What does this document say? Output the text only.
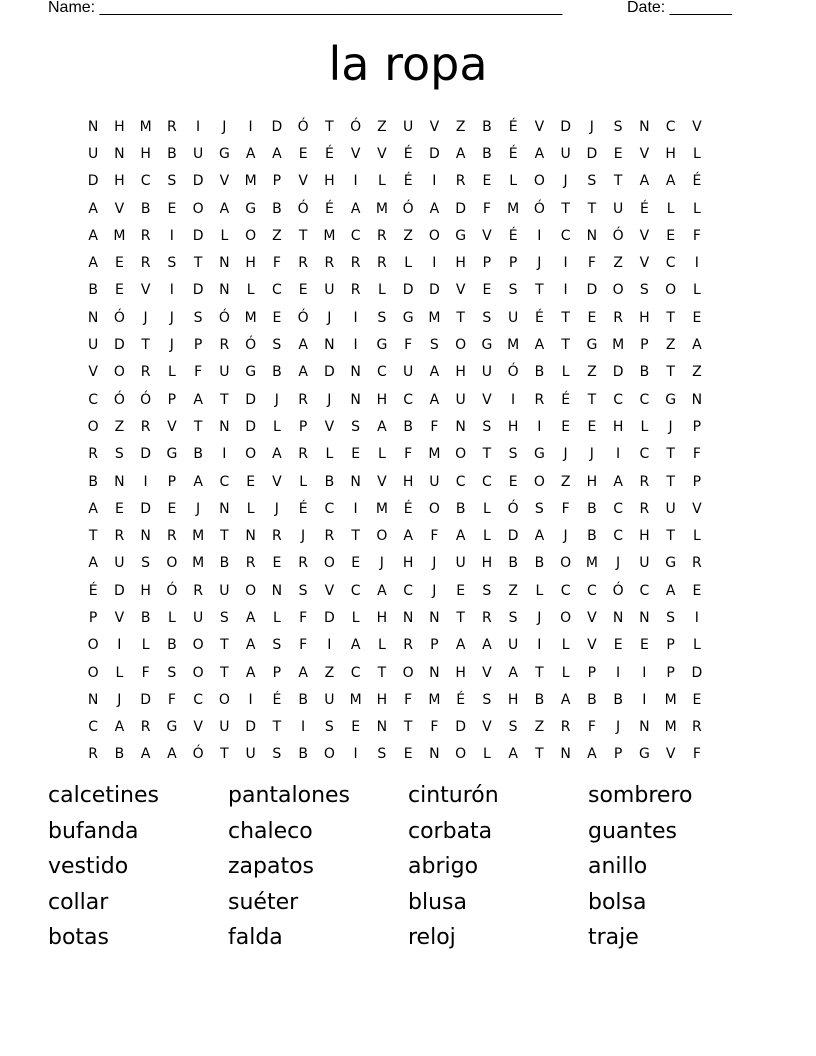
Name: ____________________________________________________	Date: _______
la ropa
N	H	M	R	I	J	I	D	Ó	T	Ó	Z	U	V	Z	B	É	V	D	J	S	N	C	V
U	N	H	B	U	G	A	A	E	É	V	V	É	D	A	B	É	A	U	D	E	V	H	L
D	H	C	S	D	V	M	P	V	H	I	L	É	I	R	E	L	O	J	S	T	A	A	É
A	V	B	E	O	A	G	B	Ó	É	A	M	Ó	A	D	F	M	Ó	T	T	U	É	L	L
A	M	R	I	D	L	O	Z	T	M	C	R	Z	O	G	V	É	I	C	N	Ó	V	E	F
A	E	R	S	T	N	H	F	R	R	R	R	L	I	H	P	P	J	I	F	Z	V	C	I
B	E	V	I	D	N	L	C	E	U	R	L	D	D	V	E	S	T	I	D	O	S	O	L
N	Ó	J	J	S	Ó	M	E	Ó	J	I	S	G	M	T	S	U	É	T	E	R	H	T	E
U	D	T	J	P	R	Ó	S	A	N	I	G	F	S	O	G	M	A	T	G	M	P	Z	A
V	O	R	L	F	U	G	B	A	D	N	C	U	A	H	U	Ó	B	L	Z	D	B	T	Z
C	Ó	Ó	P	A	T	D	J	R	J	N	H	C	A	U	V	I	R	É	T	C	C	G	N
O	Z	R	V	T	N	D	L	P	V	S	A	B	F	N	S	H	I	E	E	H	L	J	P
R	S	D	G	B	I	O	A	R	L	E	L	F	M	O	T	S	G	J	J	I	C	T	F
B	N	I	P	A	C	E	V	L	B	N	V	H	U	C	C	E	O	Z	H	A	R	T	P
A	E	D	E	J	N	L	J	É	C	I	M	É	O	B	L	Ó	S	F	B	C	R	U	V
T	R	N	R	M	T	N	R	J	R	T	O	A	F	A	L	D	A	J	B	C	H	T	L
A	U	S	O	M	B	R	E	R	O	E	J	H	J	U	H	B	B	O	M	J	U	G	R
É	D	H	Ó	R	U	O	N	S	V	C	A	C	J	E	S	Z	L	C	C	Ó	C	A	E
P	V	B	L	U	S	A	L	F	D	L	H	N	N	T	R	S	J	O	V	N	N	S	I
O	I	L	B	O	T	A	S	F	I	A	L	R	P	A	A	U	I	L	V	E	E	P	L
O	L	F	S	O	T	A	P	A	Z	C	T	O	N	H	V	A	T	L	P	I	I	P	D
N	J	D	F	C	O	I	É	B	U	M	H	F	M	É	S	H	B	A	B	B	I	M	E
C	A	R	G	V	U	D	T	I	S	E	N	T	F	D	V	S	Z	R	F	J	N	M	R
R	B	A	A	Ó	T	U	S	B	O	I	S	E	N	O	L	A	T	N	A	P	G	V	F
calcetines	pantalones	cinturón	sombrero
bufanda	chaleco	corbata	guantes
vestido	zapatos	abrigo	anillo
collar	suéter	blusa	bolsa
botas	falda	reloj	traje
